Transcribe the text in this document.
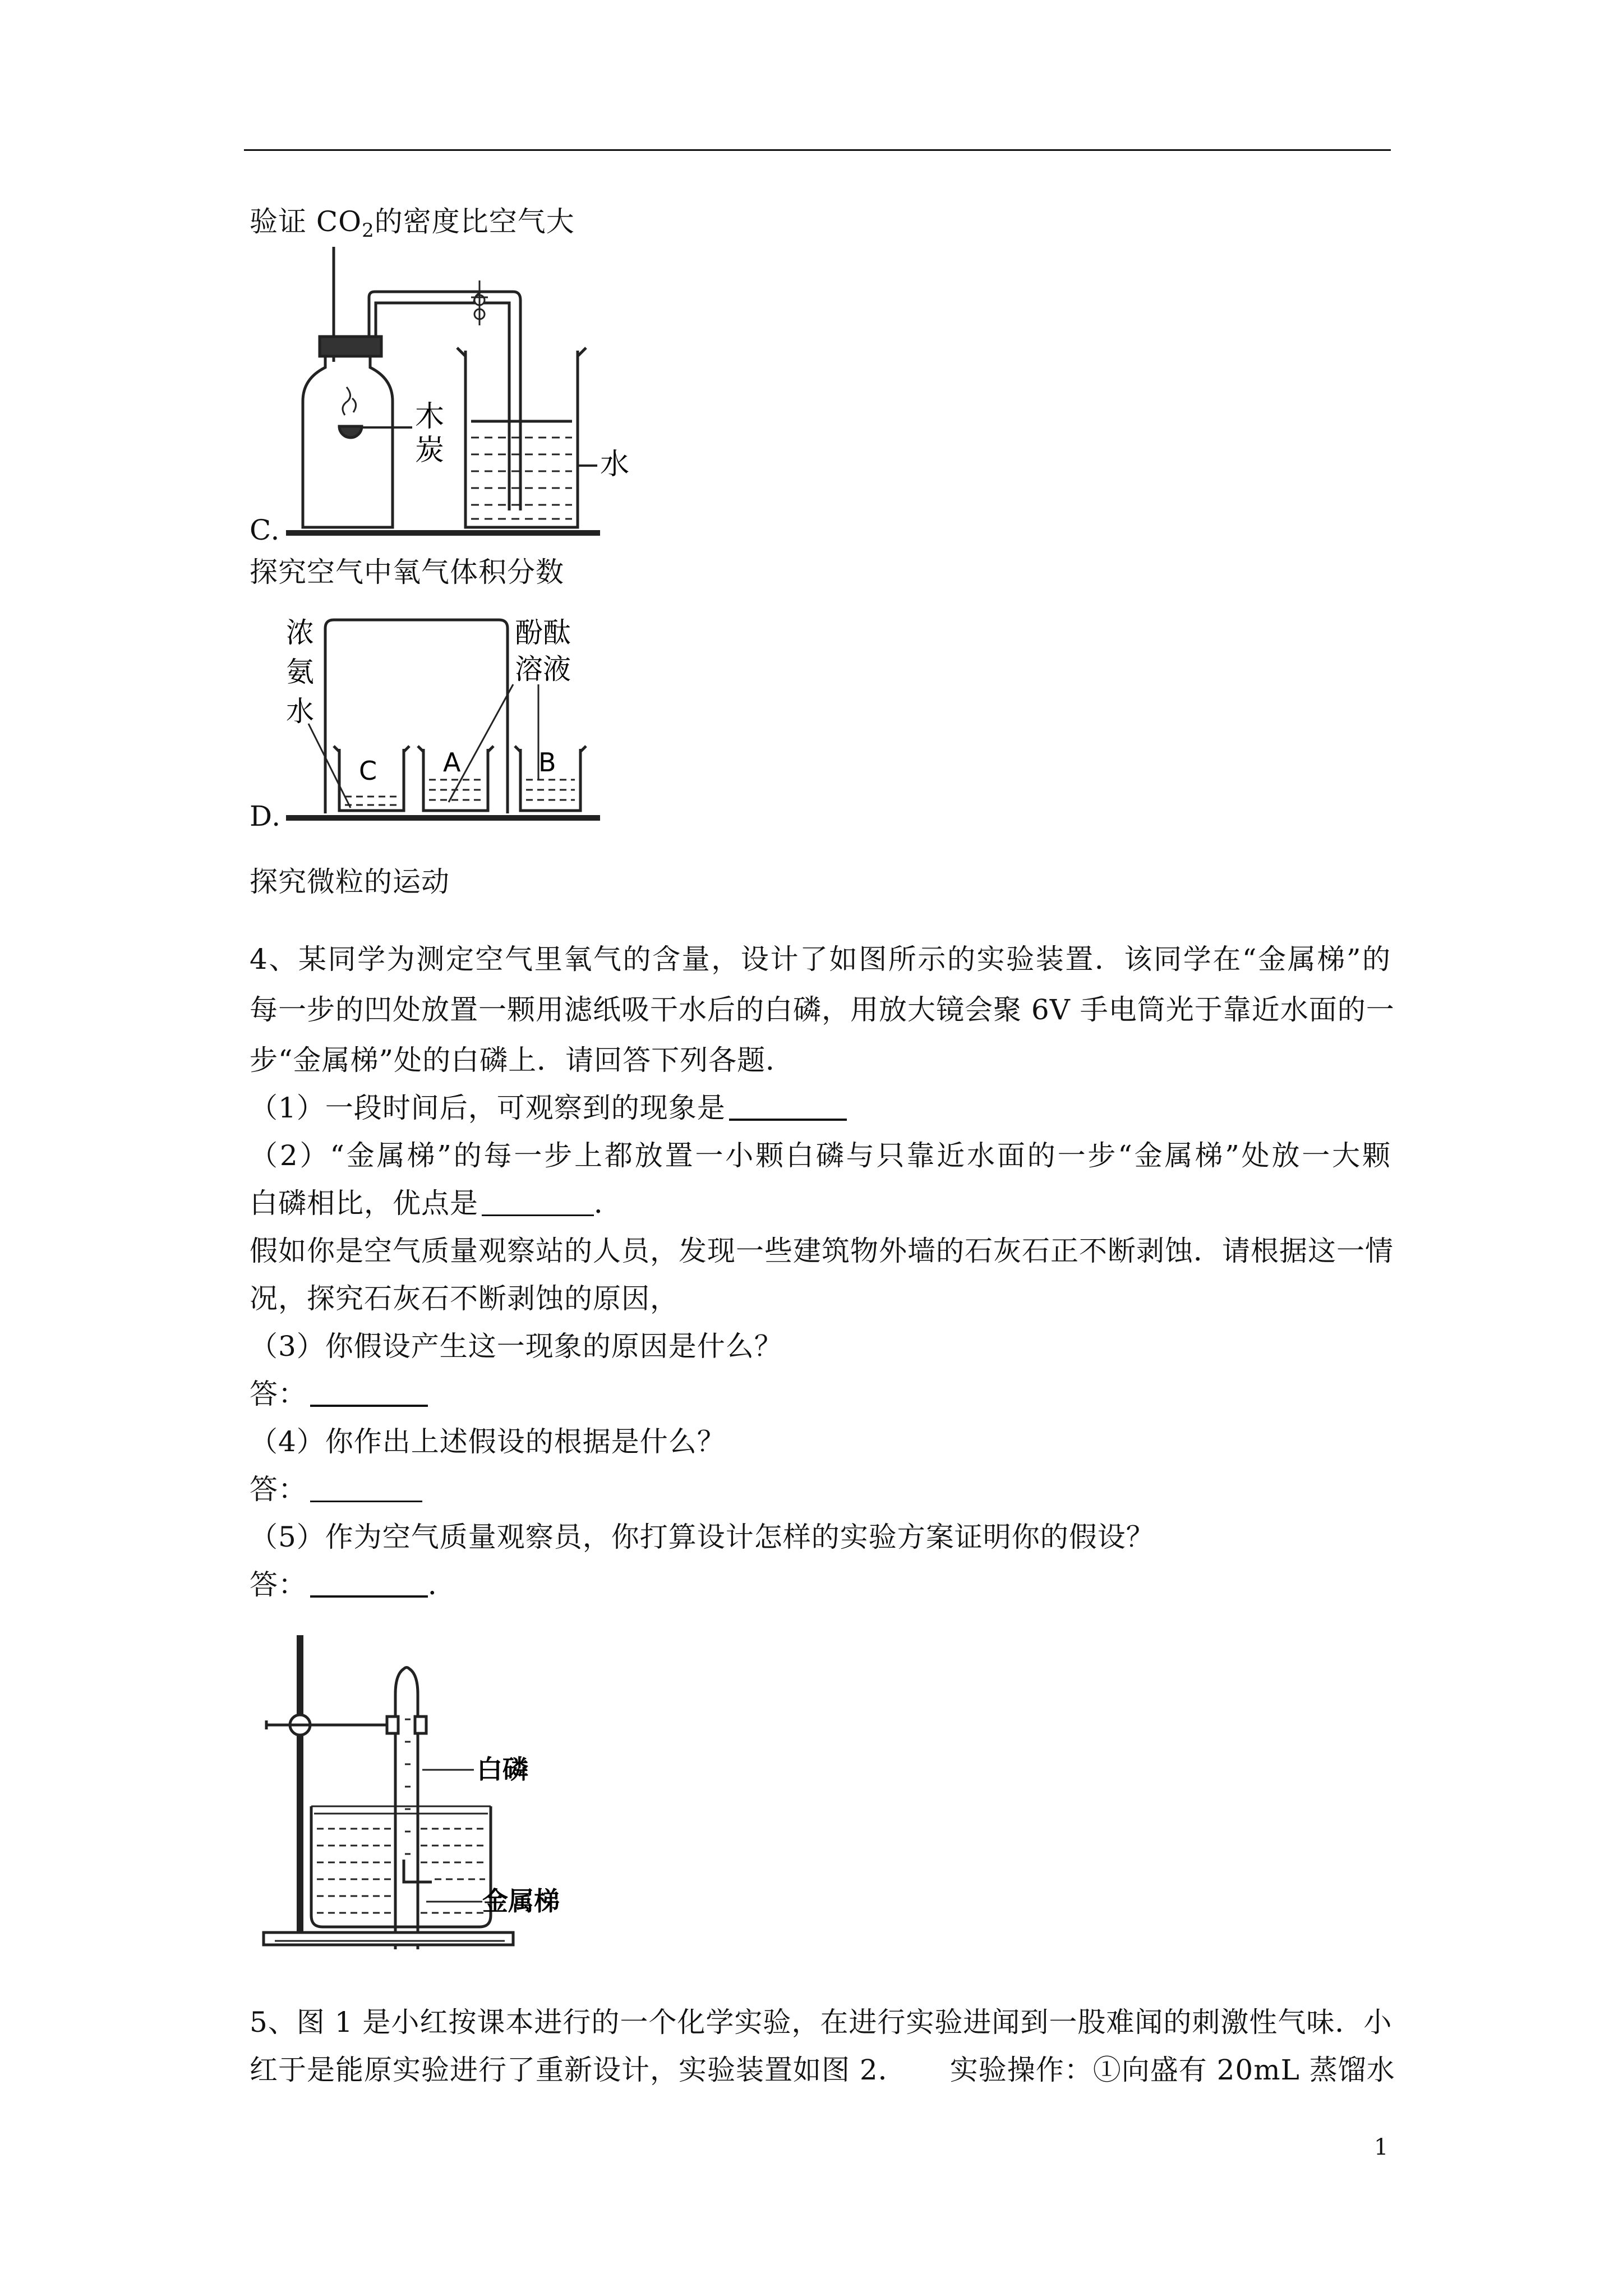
验证 $CO_2$的密度比空气大
木炭	水
C.
探究空气中氧气体积分数
C	A	B
浓氨水
酚酞溶液
D.
探究微粒的运动
4、某同学为测定空气里氧气的含量，设计了如图所示的实验装置．该同学在“金属梯”的
每一步的凹处放置一颗用滤纸吸干水后的白磷，用放大镜会聚 6V 手电筒光于靠近水面的一
步“金属梯”处的白磷上．请回答下列各题．
（1）一段时间后，可观察到的现象是
（2）“金属梯”的每一步上都放置一小颗白磷与只靠近水面的一步“金属梯”处放一大颗
白磷相比，优点是	．
假如你是空气质量观察站的人员，发现一些建筑物外墙的石灰石正不断剥蚀．请根据这一情
况，探究石灰石不断剥蚀的原因，
（3）你假设产生这一现象的原因是什么？
答：
（4）你作出上述假设的根据是什么？
答：
（5）作为空气质量观察员，你打算设计怎样的实验方案证明你的假设？
答：	．
白磷
金属梯
5、图 1 是小红按课本进行的一个化学实验，在进行实验进闻到一股难闻的刺激性气味．小
红于是能原实验进行了重新设计，实验装置如图 2．　　实验操作：①向盛有 20mL 蒸馏水
1
